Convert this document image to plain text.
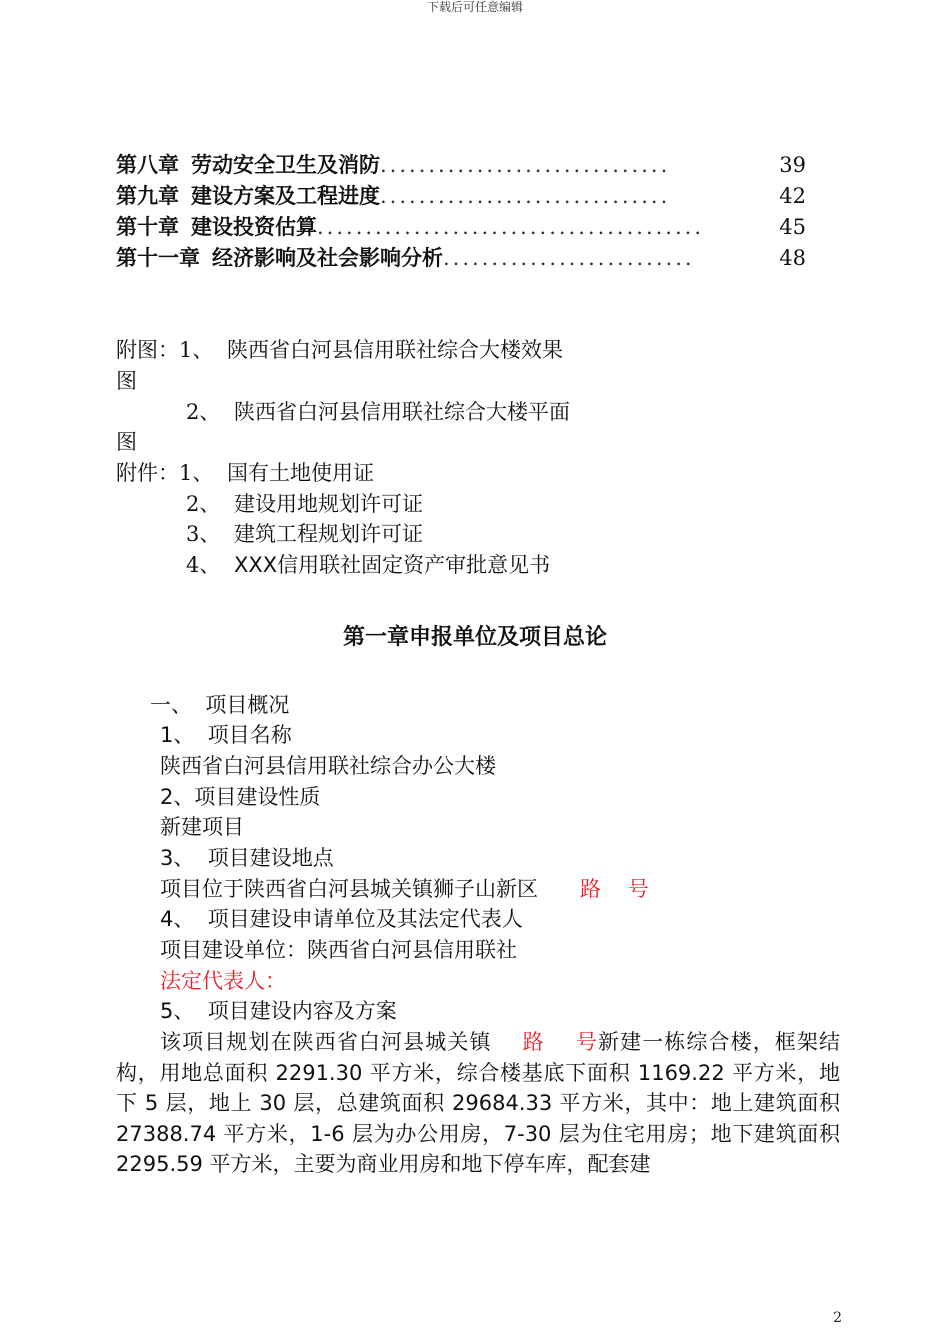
下载后可任意编辑
第八章 劳动安全卫生及消防 ..............................	39
第九章 建设方案及工程进度 ..............................	42
第十章 建设投资估算 ........................................	45
第十一章 经济影响及社会影响分析 ..........................	48
附图：1、 陕西省白河县信用联社综合大楼效果
图
2、 陕西省白河县信用联社综合大楼平面
图
附件：1、 国有土地使用证
2、 建设用地规划许可证
3、 建筑工程规划许可证
4、 XXX信用联社固定资产审批意见书
第一章申报单位及项目总论
一、  项目概况
1、  项目名称
陕西省白河县信用联社综合办公大楼
2、项目建设性质
新建项目
3、  项目建设地点
项目位于陕西省白河县城关镇狮子山新区 路    号
4、  项目建设申请单位及其法定代表人
项目建设单位：陕西省白河县信用联社
法定代表人：
5、  项目建设内容及方案
该项目规划在陕西省白河县城关镇 路    号新建一栋综合楼，框架结构，用地总面积 2291.30 平方米，综合楼基底下面积 1169.22 平方米，地下 5 层，地上 30 层，总建筑面积 29684.33 平方米，其中：地上建筑面积 27388.74 平方米，1-6 层为办公用房，7-30 层为住宅用房；地下建筑面积 2295.59 平方米，主要为商业用房和地下停车库，配套建
2
